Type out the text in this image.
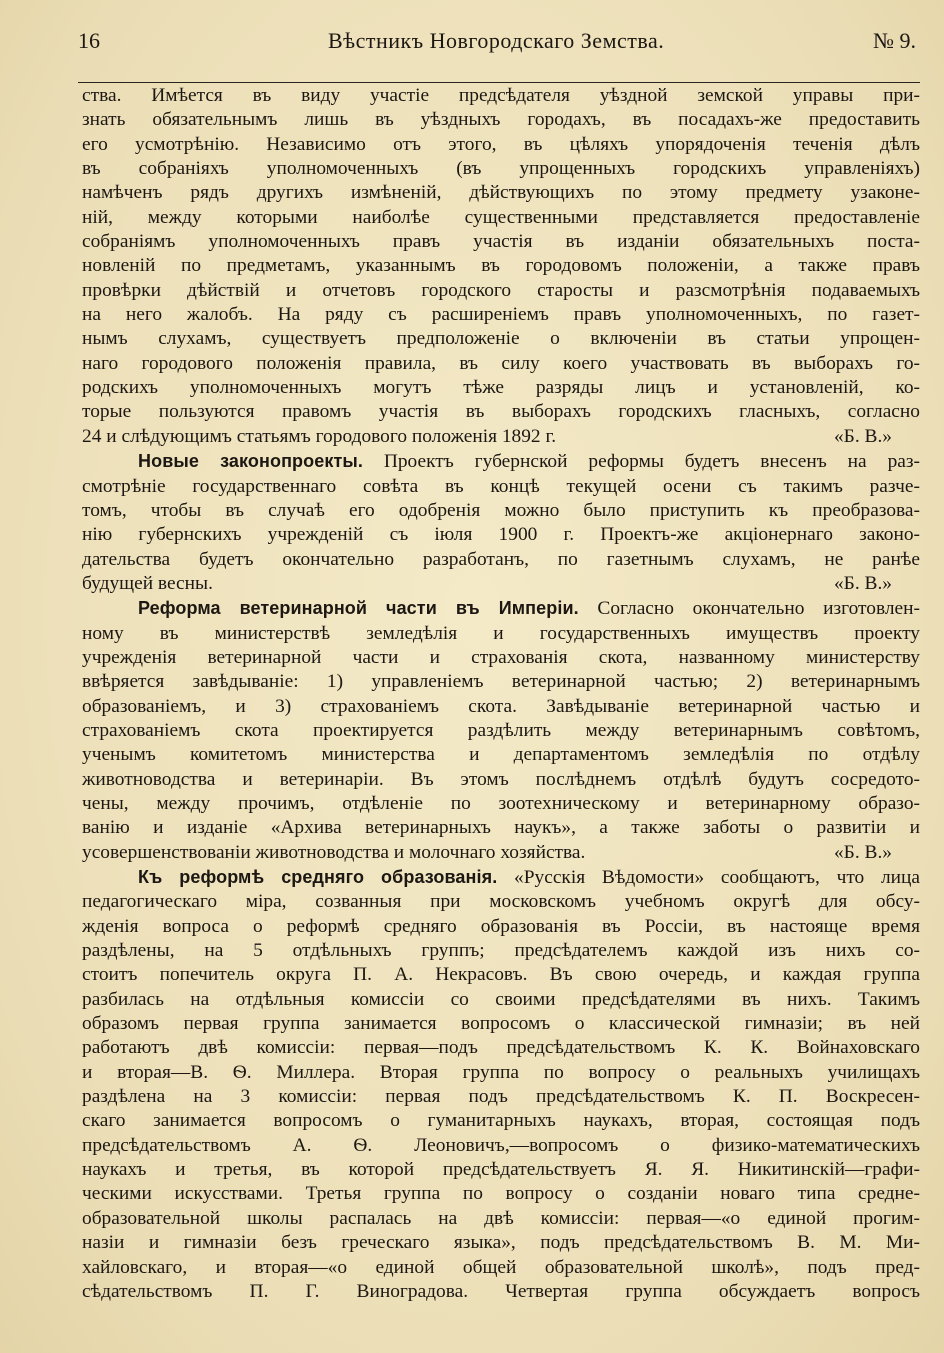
16	Вѣстникъ Новгородскаго Земства.	№ 9.
ства. Имѣется въ виду участіе предсѣдателя уѣздной земской управы при-
знать обязательнымъ лишь въ уѣздныхъ городахъ, въ посадахъ-же предоставить
его усмотрѣнію. Независимо отъ этого, въ цѣляхъ упорядоченія теченія дѣлъ
въ собраніяхъ уполномоченныхъ (въ упрощенныхъ городскихъ управленіяхъ)
намѣченъ рядъ другихъ измѣненій, дѣйствующихъ по этому предмету узаконе-
ній, между которыми наиболѣе существенными представляется предоставленіе
собраніямъ уполномоченныхъ правъ участія въ изданіи обязательныхъ поста-
новленій по предметамъ, указаннымъ въ городовомъ положеніи, а также правъ
провѣрки дѣйствій и отчетовъ городского старосты и разсмотрѣнія подаваемыхъ
на него жалобъ. На ряду съ расширеніемъ правъ уполномоченныхъ, по газет-
нымъ слухамъ, существуетъ предположеніе о включеніи въ статьи упрощен-
наго городового положенія правила, въ силу коего участвовать въ выборахъ го-
родскихъ уполномоченныхъ могутъ тѣже разряды лицъ и установленій, ко-
торые пользуются правомъ участія въ выборахъ городскихъ гласныхъ, согласно
«Б. В.»
24 и слѣдующимъ статьямъ городового положенія 1892 г.
Новые законопроекты. Проектъ губернской реформы будетъ внесенъ на раз-
смотрѣніе государственнаго совѣта въ концѣ текущей осени съ такимъ разче-
томъ, чтобы въ случаѣ его одобренія можно было приступить къ преобразова-
нію губернскихъ учрежденій съ іюля 1900 г. Проектъ-же акціонернаго законо-
дательства будетъ окончательно разработанъ, по газетнымъ слухамъ, не ранѣе
«Б. В.»
будущей весны.
Реформа ветеринарной части въ Имперіи. Согласно окончательно изготовлен-
ному въ министерствѣ земледѣлія и государственныхъ имуществъ проекту
учрежденія ветеринарной части и страхованія скота, названному министерству
ввѣряется завѣдываніе: 1) управленіемъ ветеринарной частью; 2) ветеринарнымъ
образованіемъ, и 3) страхованіемъ скота. Завѣдываніе ветеринарной частью и
страхованіемъ скота проектируется раздѣлить между ветеринарнымъ совѣтомъ,
ученымъ комитетомъ министерства и департаментомъ земледѣлія по отдѣлу
животноводства и ветеринаріи. Въ этомъ послѣднемъ отдѣлѣ будутъ сосредото-
чены, между прочимъ, отдѣленіе по зоотехническому и ветеринарному образо-
ванію и изданіе «Архива ветеринарныхъ наукъ», а также заботы о развитіи и
«Б. В.»
усовершенствованіи животноводства и молочнаго хозяйства.
Къ реформѣ средняго образованія. «Русскія Вѣдомости» сообщаютъ, что лица
педагогическаго міра, созванныя при московскомъ учебномъ округѣ для обсу-
жденія вопроса о реформѣ средняго образованія въ Россіи, въ настояще время
раздѣлены, на 5 отдѣльныхъ группъ; предсѣдателемъ каждой изъ нихъ со-
стоитъ попечитель округа П. А. Некрасовъ. Въ свою очередь, и каждая группа
разбилась на отдѣльныя комиссіи со своими предсѣдателями въ нихъ. Такимъ
образомъ первая группа занимается вопросомъ о классической гимназіи; въ ней
работаютъ двѣ комиссіи: первая—подъ предсѣдательствомъ К. К. Войнаховскаго
и вторая—В. Ѳ. Миллера. Вторая группа по вопросу о реальныхъ училищахъ
раздѣлена на 3 комиссіи: первая подъ предсѣдательствомъ К. П. Воскресен-
скаго занимается вопросомъ о гуманитарныхъ наукахъ, вторая, состоящая подъ
предсѣдательствомъ А. Ѳ. Леоновичъ,—вопросомъ о физико-математическихъ
наукахъ и третья, въ которой предсѣдательствуетъ Я. Я. Никитинскій—графи-
ческими искусствами. Третья группа по вопросу о созданіи новаго типа средне-
образовательной школы распалась на двѣ комиссіи: первая—«о единой прогим-
назіи и гимназіи безъ греческаго языка», подъ предсѣдательствомъ В. М. Ми-
хайловскаго, и вторая—«о единой общей образовательной школѣ», подъ пред-
сѣдательствомъ П. Г. Виноградова. Четвертая группа обсуждаетъ вопросъ
